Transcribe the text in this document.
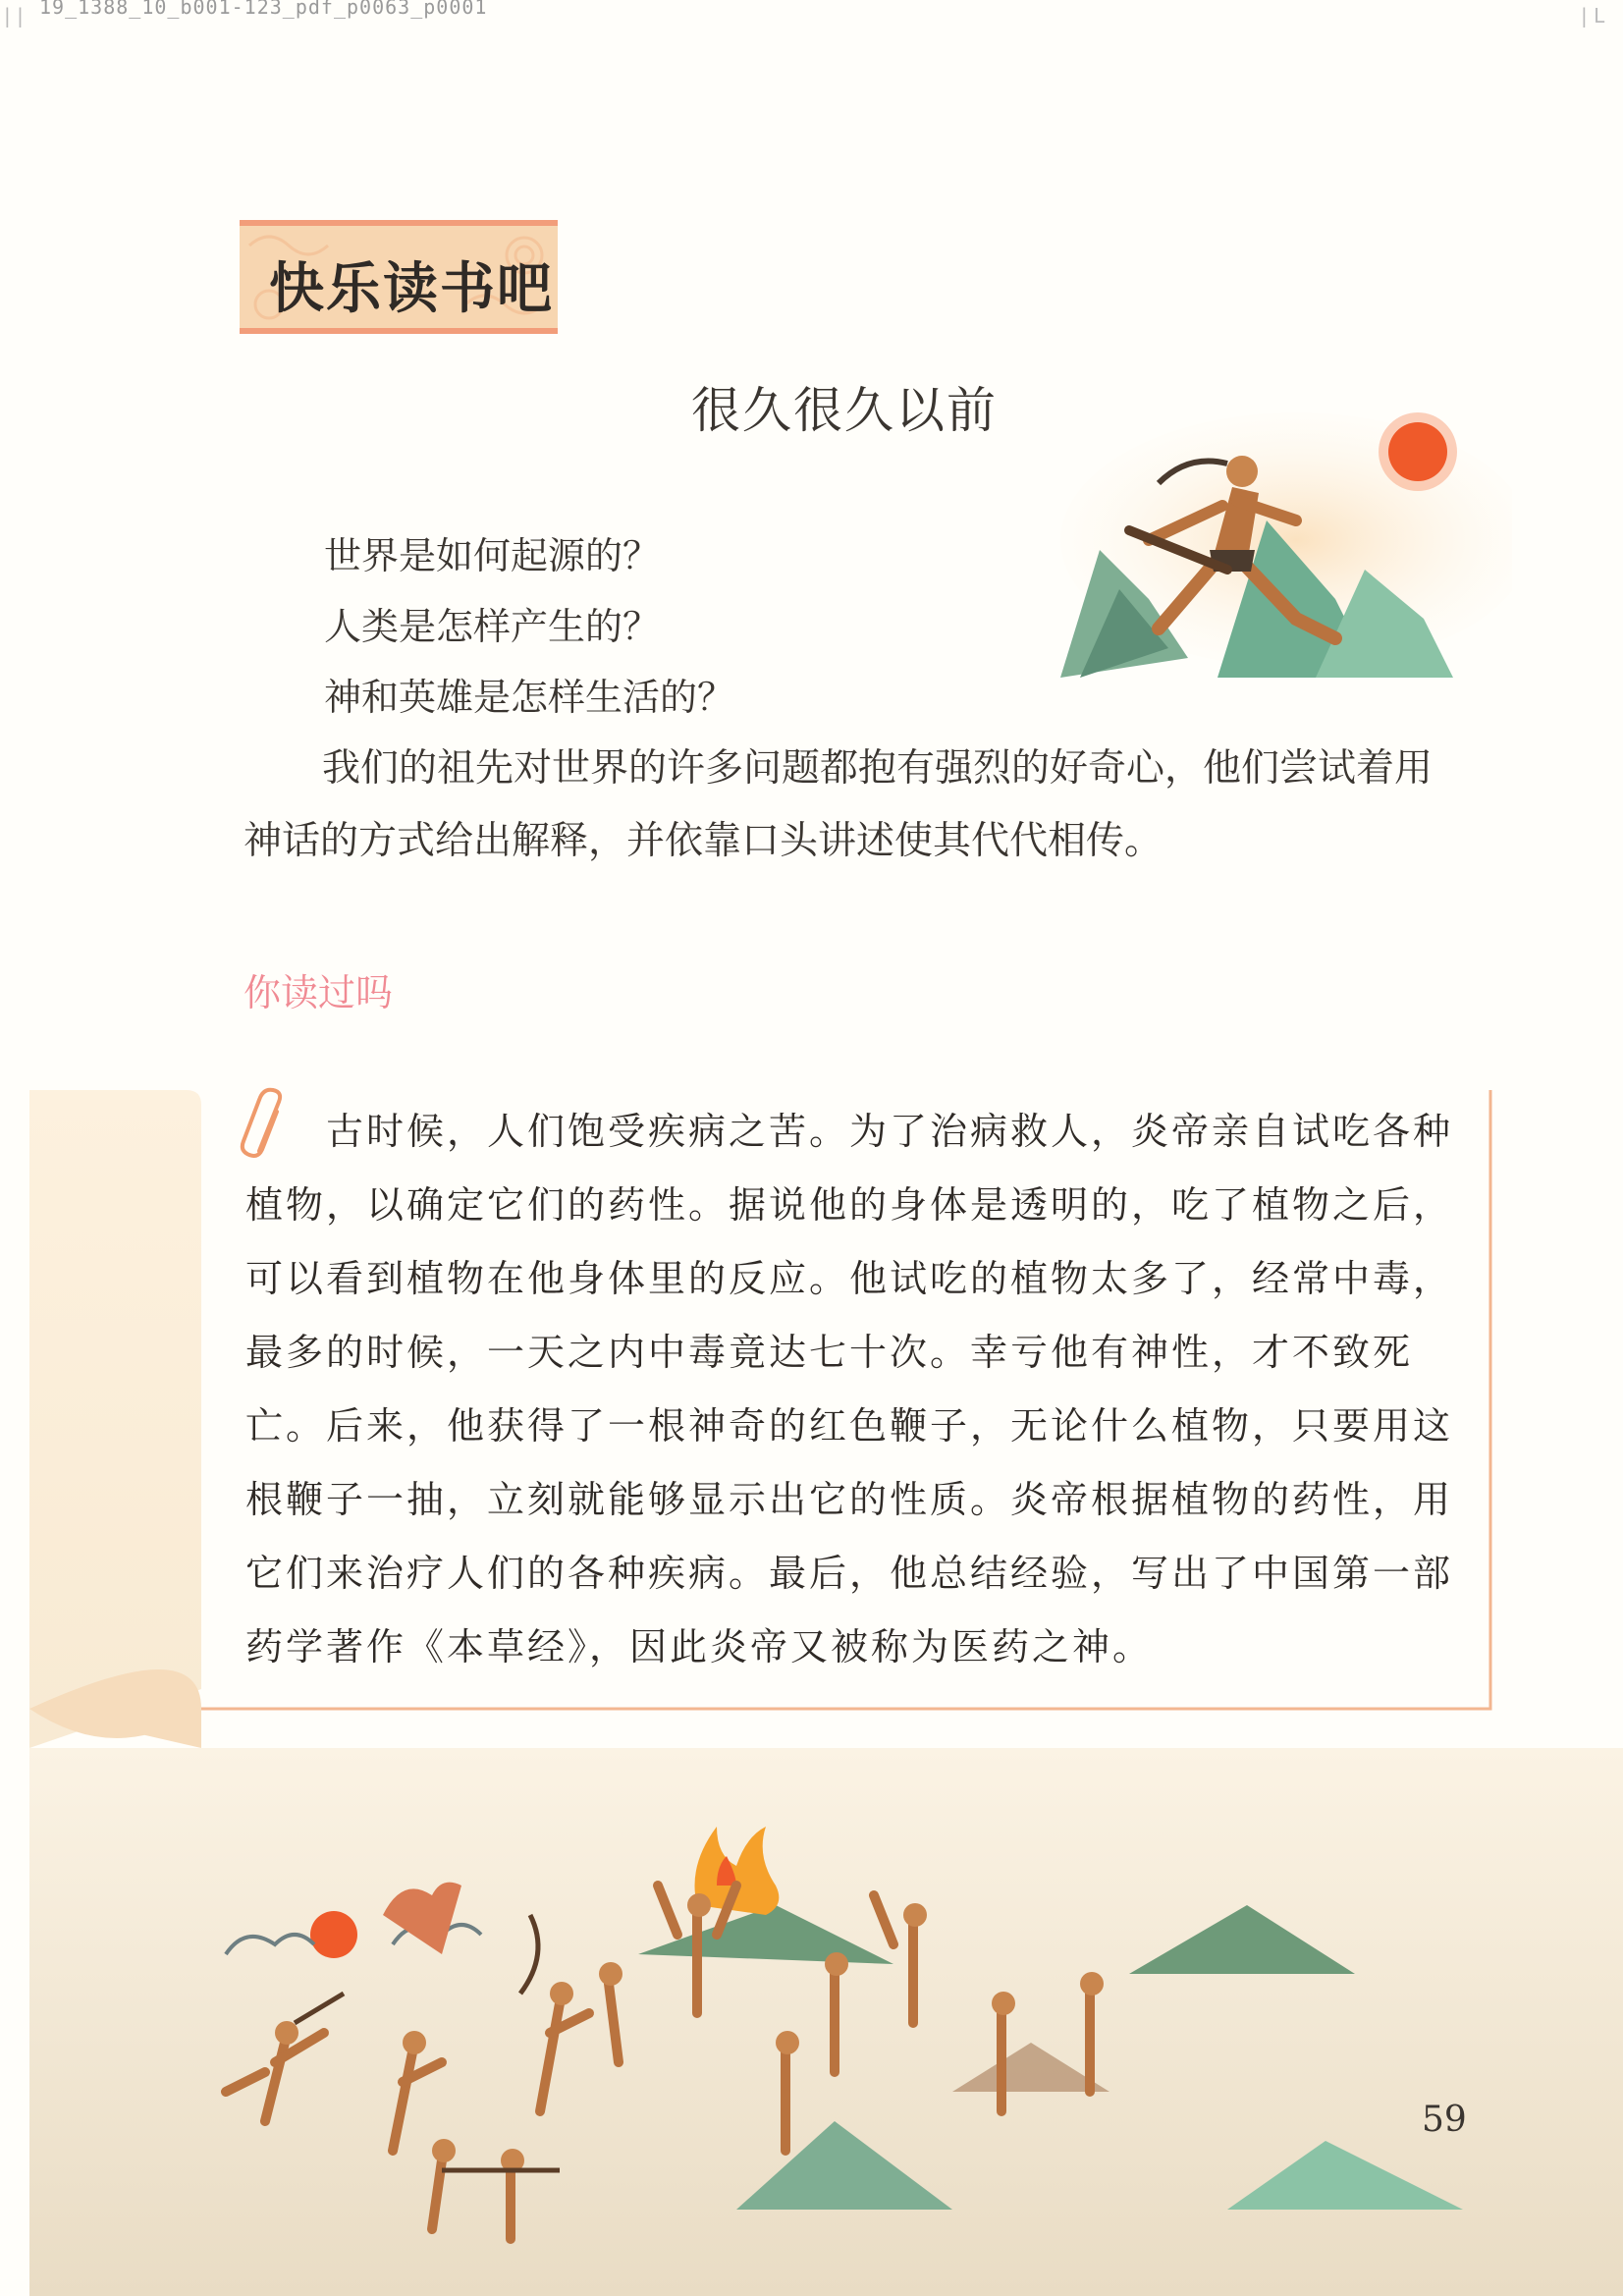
| | 19_1388_10_b001-123_pdf_p0063_p0001	| L
快乐读书吧
很久很久以前
世界是如何起源的？
人类是怎样产生的？
神和英雄是怎样生活的？
我们的祖先对世界的许多问题都抱有强烈的好奇心，他们尝试着用神话的方式给出解释，并依靠口头讲述使其代代相传。
你读过吗
古时候，人们饱受疾病之苦。为了治病救人，炎帝亲自试吃各种植物，以确定它们的药性。据说他的身体是透明的，吃了植物之后，可以看到植物在他身体里的反应。他试吃的植物太多了，经常中毒，最多的时候，一天之内中毒竟达七十次。幸亏他有神性，才不致死亡。后来，他获得了一根神奇的红色鞭子，无论什么植物，只要用这根鞭子一抽，立刻就能够显示出它的性质。炎帝根据植物的药性，用它们来治疗人们的各种疾病。最后，他总结经验，写出了中国第一部药学著作《本草经》，因此炎帝又被称为医药之神。
59
